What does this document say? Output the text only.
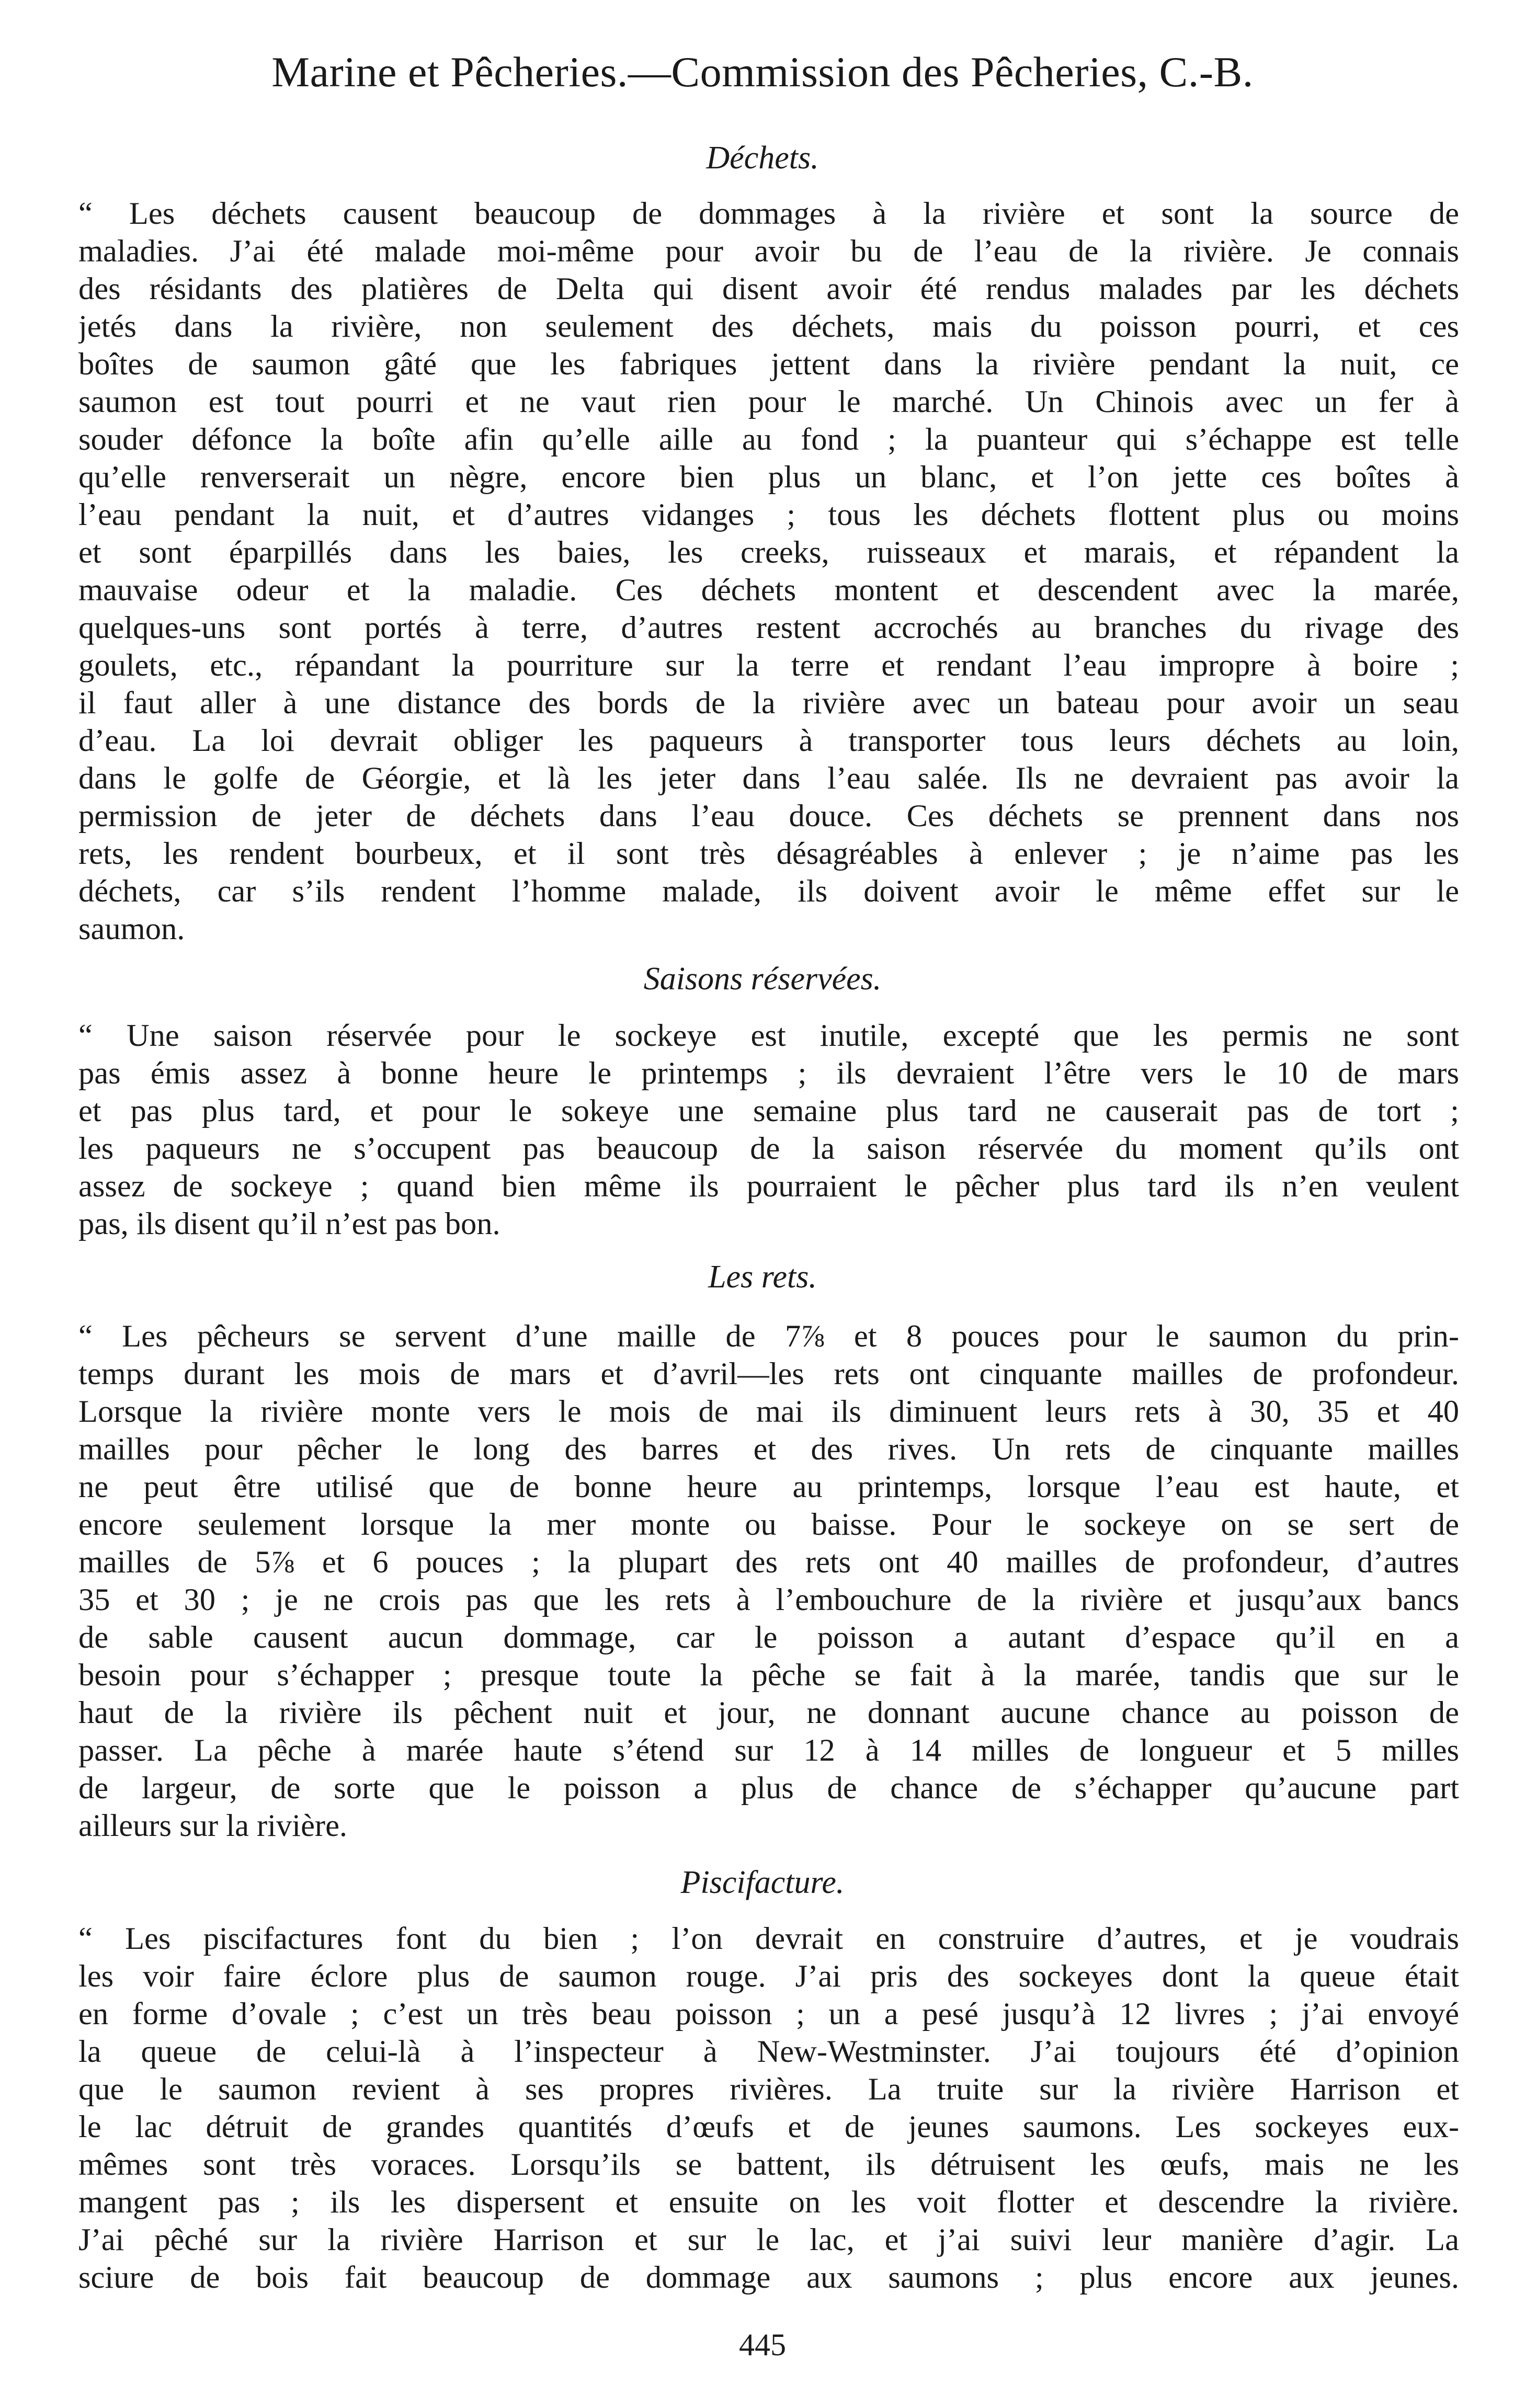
Marine et Pêcheries.—Commission des Pêcheries, C.-B.
Déchets.
“ Les déchets causent beaucoup de dommages à la rivière et sont la source de
maladies. J’ai été malade moi-même pour avoir bu de l’eau de la rivière. Je connais
des résidants des platières de Delta qui disent avoir été rendus malades par les déchets
jetés dans la rivière, non seulement des déchets, mais du poisson pourri, et ces
boîtes de saumon gâté que les fabriques jettent dans la rivière pendant la nuit, ce
saumon est tout pourri et ne vaut rien pour le marché. Un Chinois avec un fer à
souder défonce la boîte afin qu’elle aille au fond ; la puanteur qui s’échappe est telle
qu’elle renverserait un nègre, encore bien plus un blanc, et l’on jette ces boîtes à
l’eau pendant la nuit, et d’autres vidanges ; tous les déchets flottent plus ou moins
et sont éparpillés dans les baies, les creeks, ruisseaux et marais, et répandent la
mauvaise odeur et la maladie. Ces déchets montent et descendent avec la marée,
quelques-uns sont portés à terre, d’autres restent accrochés au branches du rivage des
goulets, etc., répandant la pourriture sur la terre et rendant l’eau impropre à boire ;
il faut aller à une distance des bords de la rivière avec un bateau pour avoir un seau
d’eau. La loi devrait obliger les paqueurs à transporter tous leurs déchets au loin,
dans le golfe de Géorgie, et là les jeter dans l’eau salée. Ils ne devraient pas avoir la
permission de jeter de déchets dans l’eau douce. Ces déchets se prennent dans nos
rets, les rendent bourbeux, et il sont très désagréables à enlever ; je n’aime pas les
déchets, car s’ils rendent l’homme malade, ils doivent avoir le même effet sur le
saumon.
Saisons réservées.
“ Une saison réservée pour le sockeye est inutile, excepté que les permis ne sont
pas émis assez à bonne heure le printemps ; ils devraient l’être vers le 10 de mars
et pas plus tard, et pour le sokeye une semaine plus tard ne causerait pas de tort ;
les paqueurs ne s’occupent pas beaucoup de la saison réservée du moment qu’ils ont
assez de sockeye ; quand bien même ils pourraient le pêcher plus tard ils n’en veulent
pas, ils disent qu’il n’est pas bon.
Les rets.
“ Les pêcheurs se servent d’une maille de 7⅞ et 8 pouces pour le saumon du prin-
temps durant les mois de mars et d’avril—les rets ont cinquante mailles de profondeur.
Lorsque la rivière monte vers le mois de mai ils diminuent leurs rets à 30, 35 et 40
mailles pour pêcher le long des barres et des rives. Un rets de cinquante mailles
ne peut être utilisé que de bonne heure au printemps, lorsque l’eau est haute, et
encore seulement lorsque la mer monte ou baisse. Pour le sockeye on se sert de
mailles de 5⅞ et 6 pouces ; la plupart des rets ont 40 mailles de profondeur, d’autres
35 et 30 ; je ne crois pas que les rets à l’embouchure de la rivière et jusqu’aux bancs
de sable causent aucun dommage, car le poisson a autant d’espace qu’il en a
besoin pour s’échapper ; presque toute la pêche se fait à la marée, tandis que sur le
haut de la rivière ils pêchent nuit et jour, ne donnant aucune chance au poisson de
passer. La pêche à marée haute s’étend sur 12 à 14 milles de longueur et 5 milles
de largeur, de sorte que le poisson a plus de chance de s’échapper qu’aucune part
ailleurs sur la rivière.
Piscifacture.
“ Les piscifactures font du bien ; l’on devrait en construire d’autres, et je voudrais
les voir faire éclore plus de saumon rouge. J’ai pris des sockeyes dont la queue était
en forme d’ovale ; c’est un très beau poisson ; un a pesé jusqu’à 12 livres ; j’ai envoyé
la queue de celui-là à l’inspecteur à New-Westminster. J’ai toujours été d’opinion
que le saumon revient à ses propres rivières. La truite sur la rivière Harrison et
le lac détruit de grandes quantités d’œufs et de jeunes saumons. Les sockeyes eux-
mêmes sont très voraces. Lorsqu’ils se battent, ils détruisent les œufs, mais ne les
mangent pas ; ils les dispersent et ensuite on les voit flotter et descendre la rivière.
J’ai pêché sur la rivière Harrison et sur le lac, et j’ai suivi leur manière d’agir. La
sciure de bois fait beaucoup de dommage aux saumons ; plus encore aux jeunes.
445
